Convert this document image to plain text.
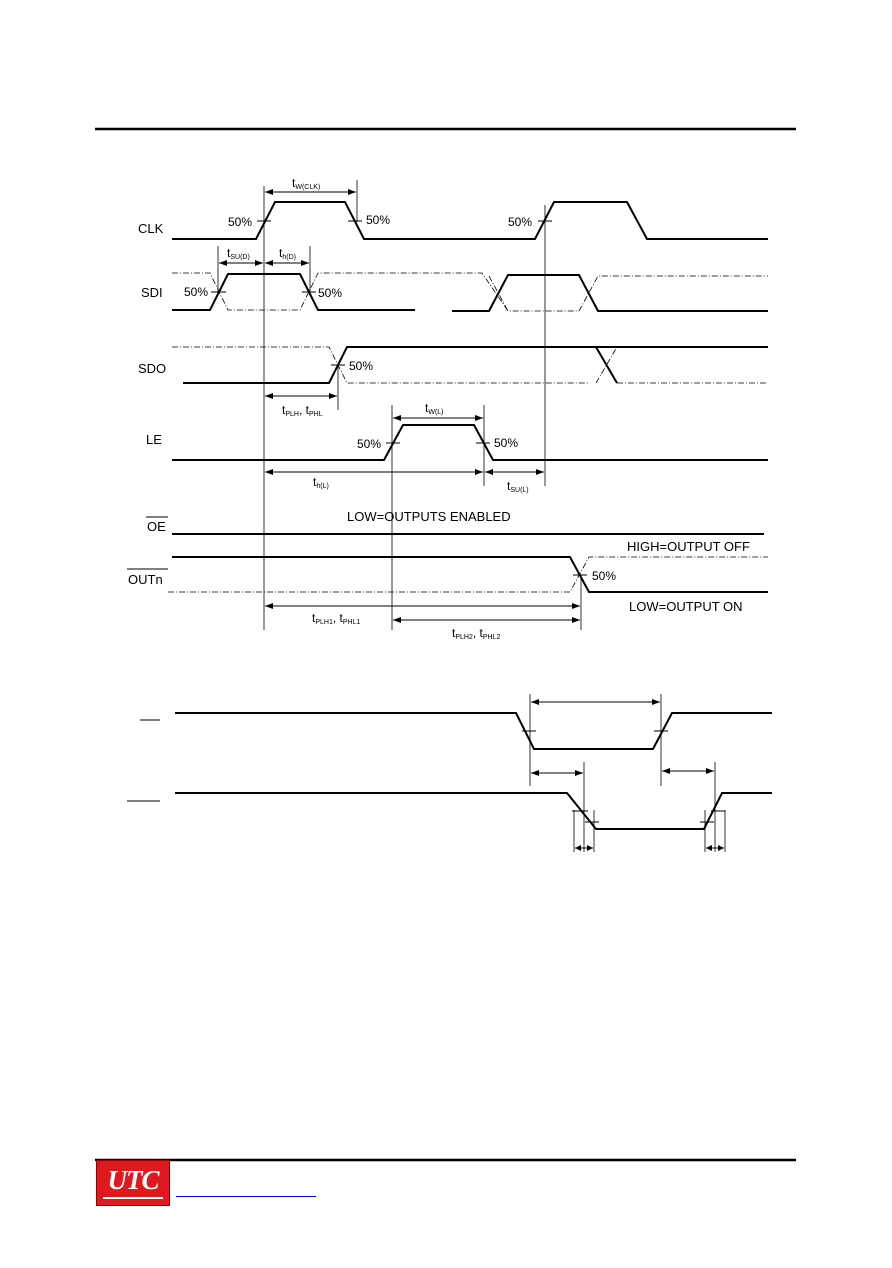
CLK	50%	50%	50%
tW(CLK)
SDI 50%	50%
tSU(D) th(D)
SDO	50%
tPLH, tPHL
LE	50%	50%
tW(L)
th(L)	tSU(L)
OE
LOW=OUTPUTS ENABLED
OUTn	50%
HIGH=OUTPUT OFF
LOW=OUTPUT ON
tPLH1, tPHL1
tPLH2, tPHL2
UTC
